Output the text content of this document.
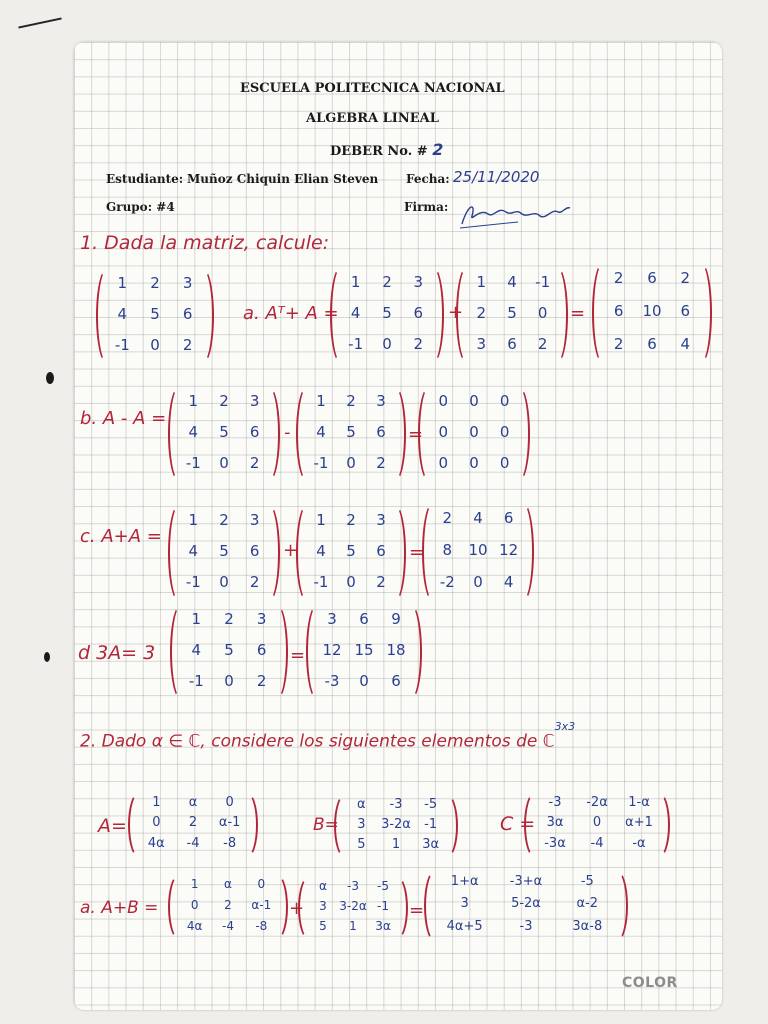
ESCUELA POLITECNICA NACIONAL
ALGEBRA LINEAL
DEBER No. # 2
Estudiante: Muñoz Chiquin Elian Steven Fecha: 25/11/2020
Grupo: #4	Firma:
1. Dada la matriz, calcule:
1	2	3
4	5	6
-1	0	2
a. Aᵀ+ A =
1	2	3
4	5	6
-1	0	2
+
1	4	-1
2	5	0
3	6	2
=
2	6	2
6	10	6
2	6	4
b. A - A =
1	2	3
4	5	6
-1	0	2
-
1	2	3
4	5	6
-1	0	2
=
0	0	0
0	0	0
0	0	0
c. A+A =
1	2	3
4	5	6
-1	0	2
+
1	2	3
4	5	6
-1	0	2
=
2	4	6
8	10 12
-2	0	4
d 3A= 3
1	2	3
4	5	6
-1	0	2
=
3	6	9
12 15 18
-3	0	6
2. Dado α ∈ ℂ, considere los siguientes elementos de ℂ$^{3x3}$
A=
1	α	0
0	2	α-1
4α	-4	-8
B=
α	-3	-5
3	3-2α	-1
5	1	3α
C =
-3	-2α	1-α
3α	0	α+1
-3α	-4	-α
a. A+B =
1	α	0
0	2	α-1
4α	-4	-8
+
α	-3	-5
3	3-2α -1
5	1	3α
=
1+α	-3+α	-5
3	5-2α	α-2
4α+5	-3	3α-8
COLOR
